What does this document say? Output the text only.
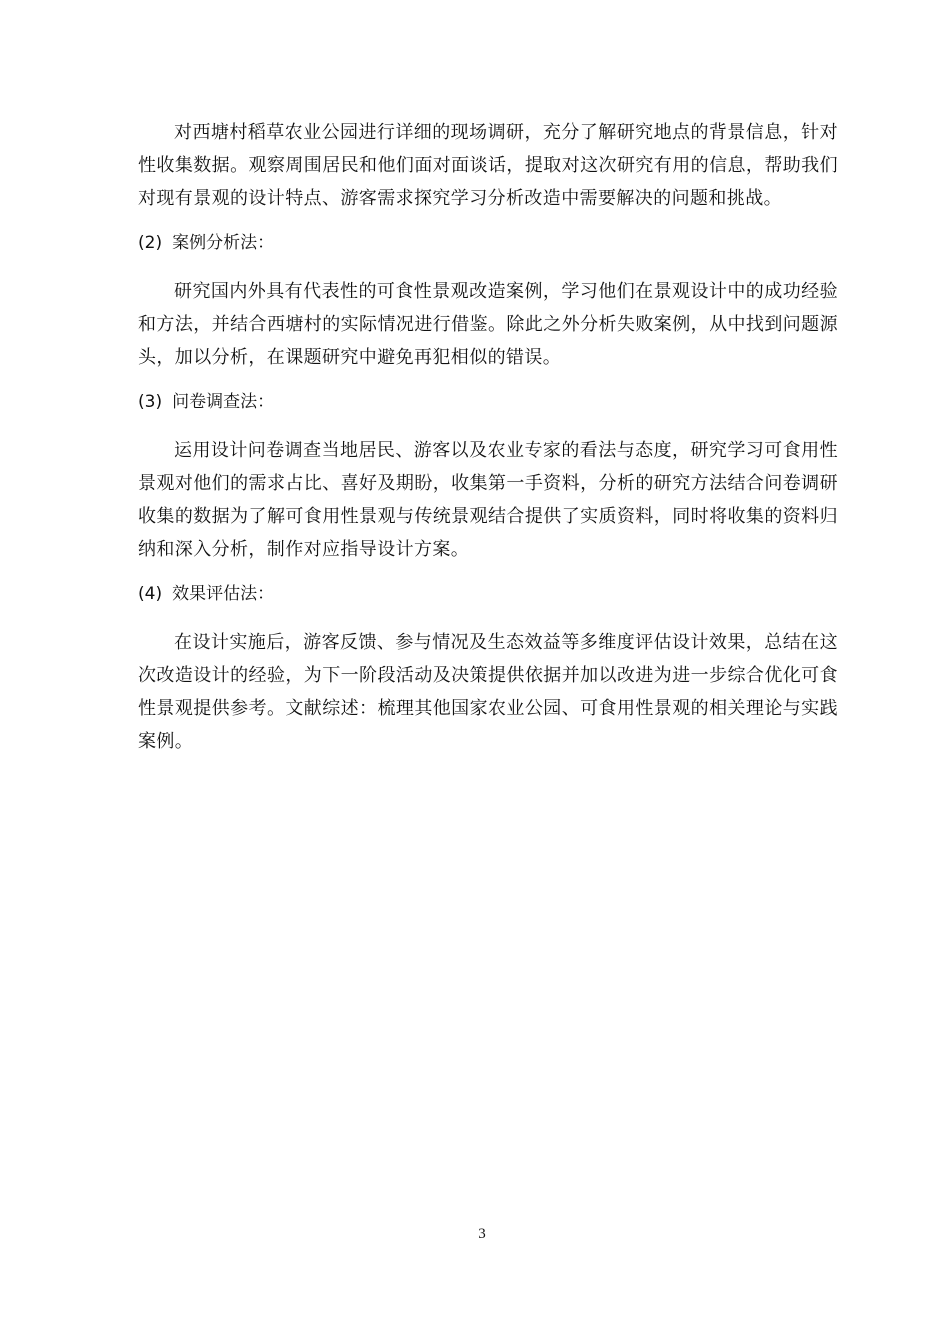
对西塘村稻草农业公园进行详细的现场调研，充分了解研究地点的背景信息，针对性收集数据。观察周围居民和他们面对面谈话，提取对这次研究有用的信息，帮助我们对现有景观的设计特点、游客需求探究学习分析改造中需要解决的问题和挑战。

(2) 案例分析法：

研究国内外具有代表性的可食性景观改造案例，学习他们在景观设计中的成功经验和方法，并结合西塘村的实际情况进行借鉴。除此之外分析失败案例，从中找到问题源头，加以分析，在课题研究中避免再犯相似的错误。

(3) 问卷调查法：

运用设计问卷调查当地居民、游客以及农业专家的看法与态度，研究学习可食用性景观对他们的需求占比、喜好及期盼，收集第一手资料，分析的研究方法结合问卷调研收集的数据为了解可食用性景观与传统景观结合提供了实质资料，同时将收集的资料归纳和深入分析，制作对应指导设计方案。

(4) 效果评估法：

在设计实施后，游客反馈、参与情况及生态效益等多维度评估设计效果，总结在这次改造设计的经验，为下一阶段活动及决策提供依据并加以改进为进一步综合优化可食性景观提供参考。文献综述：梳理其他国家农业公园、可食用性景观的相关理论与实践案例。

3
